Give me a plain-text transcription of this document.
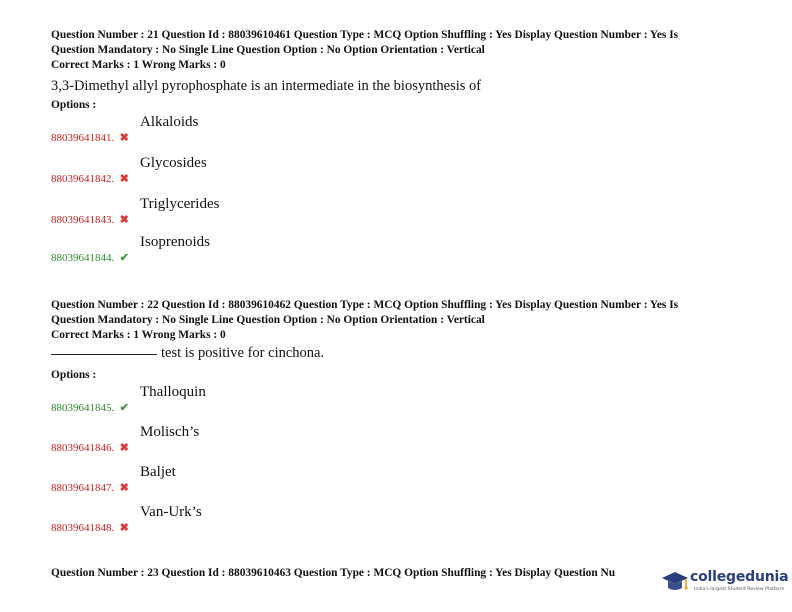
Question Number : 21 Question Id : 88039610461 Question Type : MCQ Option Shuffling : Yes Display Question Number : Yes Is
Question Mandatory : No Single Line Question Option : No Option Orientation : Vertical
Correct Marks : 1 Wrong Marks : 0
3,3-Dimethyl allyl pyrophosphate is an intermediate in the biosynthesis of
Options :
88039641841. ✖
Alkaloids
88039641842. ✖
Glycosides
88039641843. ✖
Triglycerides
88039641844. ✔
Isoprenoids
Question Number : 22 Question Id : 88039610462 Question Type : MCQ Option Shuffling : Yes Display Question Number : Yes Is
Question Mandatory : No Single Line Question Option : No Option Orientation : Vertical
Correct Marks : 1 Wrong Marks : 0
test is positive for cinchona.
Options :
88039641845. ✔
Thalloquin
88039641846. ✖
Molisch’s
88039641847. ✖
Baljet
88039641848. ✖
Van-Urk’s
Question Number : 23 Question Id : 88039610463 Question Type : MCQ Option Shuffling : Yes Display Question Nu	collegedunia
India's largest Student Review Platform
